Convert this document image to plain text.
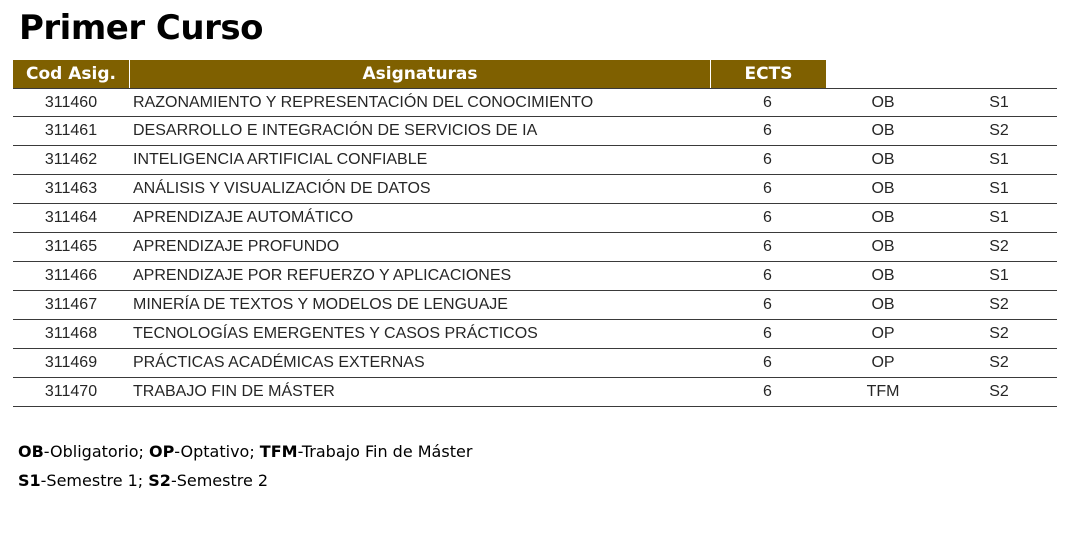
Primer Curso
Cod Asig.	Asignaturas	ECTS
311460	RAZONAMIENTO Y REPRESENTACIÓN DEL CONOCIMIENTO	6	OB	S1
311461	DESARROLLO E INTEGRACIÓN DE SERVICIOS DE IA	6	OB	S2
311462	INTELIGENCIA ARTIFICIAL CONFIABLE	6	OB	S1
311463	ANÁLISIS Y VISUALIZACIÓN DE DATOS	6	OB	S1
311464	APRENDIZAJE AUTOMÁTICO	6	OB	S1
311465	APRENDIZAJE PROFUNDO	6	OB	S2
311466	APRENDIZAJE POR REFUERZO Y APLICACIONES	6	OB	S1
311467	MINERÍA DE TEXTOS Y MODELOS DE LENGUAJE	6	OB	S2
311468	TECNOLOGÍAS EMERGENTES Y CASOS PRÁCTICOS	6	OP	S2
311469	PRÁCTICAS ACADÉMICAS EXTERNAS	6	OP	S2
311470	TRABAJO FIN DE MÁSTER	6	TFM	S2
OB-Obligatorio; OP-Optativo; TFM-Trabajo Fin de Máster
S1-Semestre 1; S2-Semestre 2
